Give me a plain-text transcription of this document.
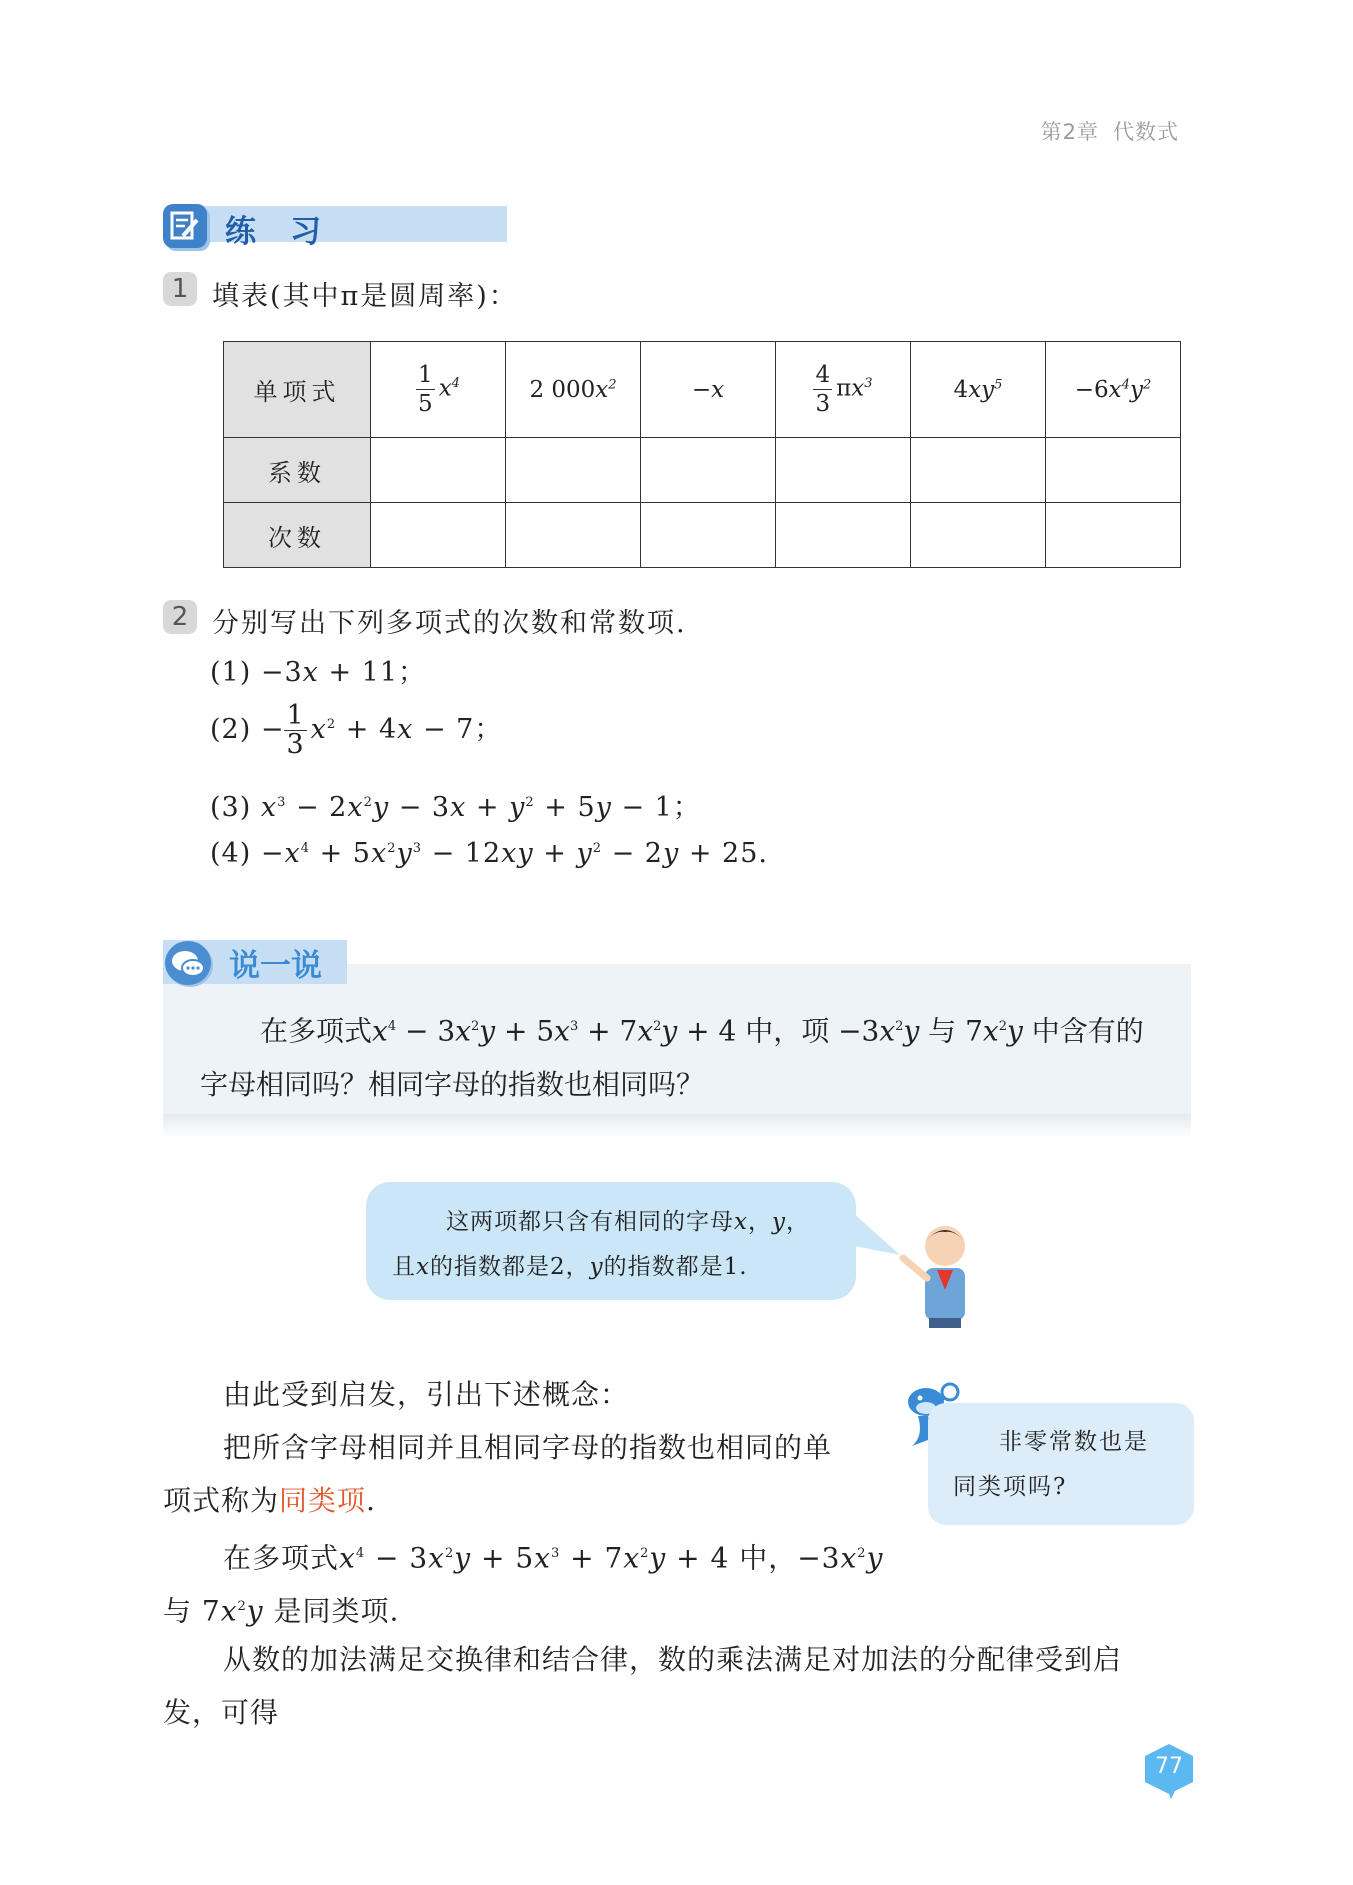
第2章 代数式
练习
1 填表(其中π是圆周率)：
单项式	$\frac{1}{5} x^4$	2 $000x^2$	−x	$\frac{4}{3} \pi x^3$	$4xy^5$	$-6x^4y^2$
系数						
次数						
2 分别写出下列多项式的次数和常数项.
(1) −3x + 11；
$(2) - \frac{1}{3} x^2 + 4x - 7$；
(3) $x^3 - 2x^2y - 3x + y^2 + 5y - 1$；
$(4) -x^4 + 5x^2y^3 - 12xy + y^2 - 2y + 25$.
说一说
在多项式$x^4 - 3x^2y + 5x^3 + 7x^2y + 4$ 中，项 $-3x^2y$ 与 $7x^2y$ 中含有的
字母相同吗？相同字母的指数也相同吗？
这两项都只含有相同的字母x，y，
且x的指数都是2，y的指数都是1.
由此受到启发，引出下述概念：
把所含字母相同并且相同字母的指数也相同的单
项式称为同类项.
在多项式$x^4 - 3x^2y + 5x^3 + 7x^2y + 4$ 中，$-3x^2y$
与 $7x^2y$ 是同类项.
从数的加法满足交换律和结合律，数的乘法满足对加法的分配律受到启
发，可得
非零常数也是
同类项吗?
77
